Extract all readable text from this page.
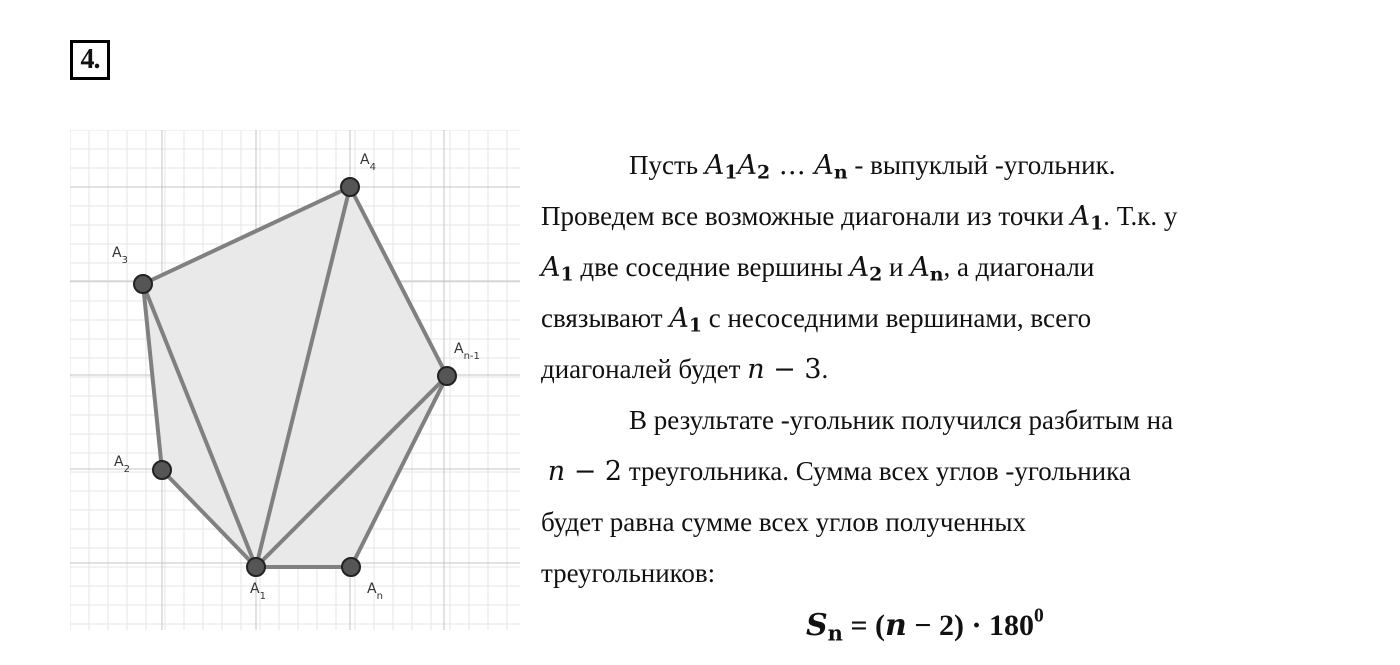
4.
$A_1$
$A_2$
$A_3$
$A_4$
$A_{n-1}$
$A_n$

Пусть $A_1A_2$ … $A_n$ - выпуклый -угольник.

Проведем все возможные диагонали из точки $A_1$. Т.к. у

$A_1$ две соседние вершины $A_2$ и $A_n$, а диагонали

связывают $A_1$ с несоседними вершинами, всего

диагоналей будет n − 3.

В результате -угольник получился разбитым на

n − 2 треугольника. Сумма всех углов -угольника

будет равна сумме всех углов полученных

треугольников:

$S_n = (n - 2) \cdot 180^0$
